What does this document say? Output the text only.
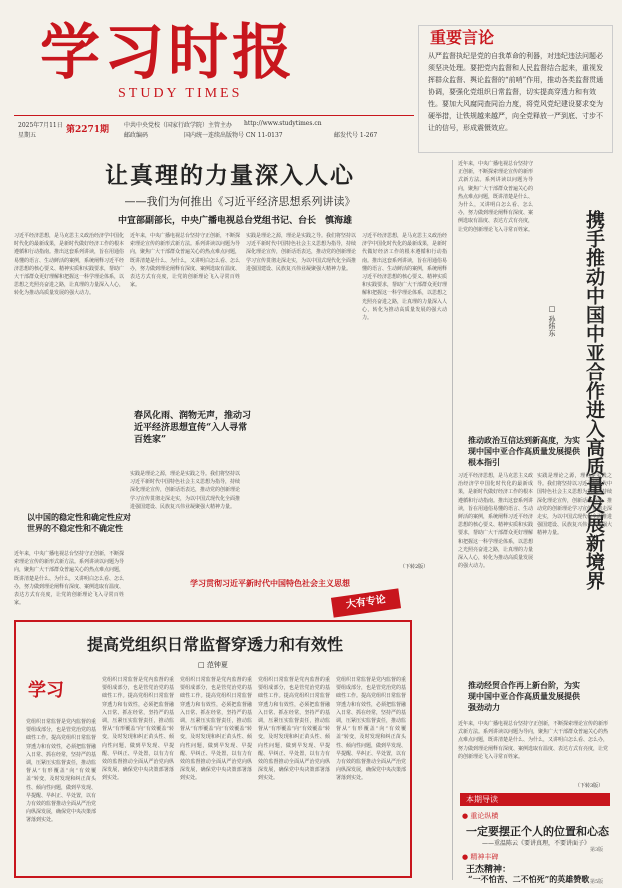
学习时报
STUDY TIMES
2025年7月11日
星期五
第2271期 中共中央党校（国家行政学院）主管主办
邮政编码
http://www.studytimes.cn
国内统一连续出版物号 CN 11-0137	邮发代号 1-267
重要言论
从严监督执纪是党的自我革命的利器，对违纪违法问题必须坚决处理。要把党内监督和人民监督结合起来，重视发挥群众监督、舆论监督的“前哨”作用，推动各类监督贯通协调，要强化党组织日常监督，切实提高穿透力和有效性。要加大风腐同查同治力度，将党风党纪建设要求变为硬举措，让铁规越来越严，向全党释放一严到底、寸步不让的信号，形成震慑效应。
让真理的力量深入人心
——我们为何推出《习近平经济思想系列讲读》
中宣部副部长，中央广播电视总台党组书记、台长　慎海雄
习近平经济思想，是马克思主义政治经济学中国化时代化的最新成果，是新时代做好经济工作的根本遵循和行动指南。推出这套系列讲读，旨在用通俗易懂的语言、生动鲜活的案例，系统阐释习近平经济思想的核心要义、精神实质和实践要求，帮助广大干部群众更好理解和把握这一科学理论体系，以思想之光照亮奋进之路，让真理的力量深入人心，转化为推动高质量发展的强大动力。
近年来，中央广播电视总台坚持守正创新，不断探索理论宣传的新形式新方法。系列讲读以问题为导向，聚焦广大干部群众普遍关心的热点难点问题，既讲清楚是什么、为什么，又讲明白怎么看、怎么办，努力做到理论阐释有深度、案例选取有温度、表达方式有亮度，让党的创新理论飞入寻常百姓家。
实践是理论之源，理论是实践之导。我们将坚持以习近平新时代中国特色社会主义思想为指导，持续深化理论宣传，创新话语表达，推动党的创新理论学习宣传贯彻走深走实，为以中国式现代化全面推进强国建设、民族复兴伟业凝聚强大精神力量。
习近平经济思想，是马克思主义政治经济学中国化时代化的最新成果，是新时代做好经济工作的根本遵循和行动指南。推出这套系列讲读，旨在用通俗易懂的语言、生动鲜活的案例，系统阐释习近平经济思想的核心要义、精神实质和实践要求，帮助广大干部群众更好理解和把握这一科学理论体系，以思想之光照亮奋进之路，让真理的力量深入人心，转化为推动高质量发展的强大动力。
近年来，中央广播电视总台坚持守正创新，不断探索理论宣传的新形式新方法。系列讲读以问题为导向，聚焦广大干部群众普遍关心的热点难点问题，既讲清楚是什么、为什么，又讲明白怎么看、怎么办，努力做到理论阐释有深度、案例选取有温度、表达方式有亮度，让党的创新理论飞入寻常百姓家。
实践是理论之源，理论是实践之导。我们将坚持以习近平新时代中国特色社会主义思想为指导，持续深化理论宣传，创新话语表达，推动党的创新理论学习宣传贯彻走深走实，为以中国式现代化全面推进强国建设、民族复兴伟业凝聚强大精神力量。
春风化雨、润物无声，推动习近平经济思想宣传“入人寻常百姓家”
以中国的稳定性和确定性应对世界的不稳定性和不确定性
（下转2版）
学习贯彻习近平新时代中国特色社会主义思想
大有专论
携手推动中国中亚合作进入高质量发展新境界
□ 孙炜东
近年来，中央广播电视总台坚持守正创新，不断探索理论宣传的新形式新方法。系列讲读以问题为导向，聚焦广大干部群众普遍关心的热点难点问题，既讲清楚是什么、为什么，又讲明白怎么看、怎么办，努力做到理论阐释有深度、案例选取有温度、表达方式有亮度，让党的创新理论飞入寻常百姓家。
推动政治互信达到新高度，为实现中国中亚合作高质量发展提供根本指引
习近平经济思想，是马克思主义政治经济学中国化时代化的最新成果，是新时代做好经济工作的根本遵循和行动指南。推出这套系列讲读，旨在用通俗易懂的语言、生动鲜活的案例，系统阐释习近平经济思想的核心要义、精神实质和实践要求，帮助广大干部群众更好理解和把握这一科学理论体系，以思想之光照亮奋进之路，让真理的力量深入人心，转化为推动高质量发展的强大动力。
实践是理论之源，理论是实践之导。我们将坚持以习近平新时代中国特色社会主义思想为指导，持续深化理论宣传，创新话语表达，推动党的创新理论学习宣传贯彻走深走实，为以中国式现代化全面推进强国建设、民族复兴伟业凝聚强大精神力量。
推动经贸合作再上新台阶，为实现中国中亚合作高质量发展提供强劲动力
近年来，中央广播电视总台坚持守正创新，不断探索理论宣传的新形式新方法。系列讲读以问题为导向，聚焦广大干部群众普遍关心的热点难点问题，既讲清楚是什么、为什么，又讲明白怎么看、怎么办，努力做到理论阐释有深度、案例选取有温度、表达方式有亮度，让党的创新理论飞入寻常百姓家。
（下转3版）
提高党组织日常监督穿透力和有效性
□ 范钟夏
学习
党组织日常监督是党内监督的重要组成部分，也是管党治党的基础性工作。提高党组织日常监督穿透力和有效性，必须把监督融入日常、抓在经常，坚持严的基调，压紧压实监督责任，推动监督从“有形覆盖”向“有效覆盖”转变，及时发现和纠正苗头性、倾向性问题，做到早发现、早提醒、早纠正、早处置，以有力有效的监督推动全面从严治党向纵深发展，确保党中央决策部署落到实处。
党组织日常监督是党内监督的重要组成部分，也是管党治党的基础性工作。提高党组织日常监督穿透力和有效性，必须把监督融入日常、抓在经常，坚持严的基调，压紧压实监督责任，推动监督从“有形覆盖”向“有效覆盖”转变，及时发现和纠正苗头性、倾向性问题，做到早发现、早提醒、早纠正、早处置，以有力有效的监督推动全面从严治党向纵深发展，确保党中央决策部署落到实处。
党组织日常监督是党内监督的重要组成部分，也是管党治党的基础性工作。提高党组织日常监督穿透力和有效性，必须把监督融入日常、抓在经常，坚持严的基调，压紧压实监督责任，推动监督从“有形覆盖”向“有效覆盖”转变，及时发现和纠正苗头性、倾向性问题，做到早发现、早提醒、早纠正、早处置，以有力有效的监督推动全面从严治党向纵深发展，确保党中央决策部署落到实处。
党组织日常监督是党内监督的重要组成部分，也是管党治党的基础性工作。提高党组织日常监督穿透力和有效性，必须把监督融入日常、抓在经常，坚持严的基调，压紧压实监督责任，推动监督从“有形覆盖”向“有效覆盖”转变，及时发现和纠正苗头性、倾向性问题，做到早发现、早提醒、早纠正、早处置，以有力有效的监督推动全面从严治党向纵深发展，确保党中央决策部署落到实处。
党组织日常监督是党内监督的重要组成部分，也是管党治党的基础性工作。提高党组织日常监督穿透力和有效性，必须把监督融入日常、抓在经常，坚持严的基调，压紧压实监督责任，推动监督从“有形覆盖”向“有效覆盖”转变，及时发现和纠正苗头性、倾向性问题，做到早发现、早提醒、早纠正、早处置，以有力有效的监督推动全面从严治党向纵深发展，确保党中央决策部署落到实处。
本期导读
● 重论纵横
一定要摆正个人的位置和心态
——重温陈云《要讲真理，不要讲面子》
第3版
● 精神丰碑
王杰精神：
“一不怕苦、二不怕死”的英雄赞歌 第5版
